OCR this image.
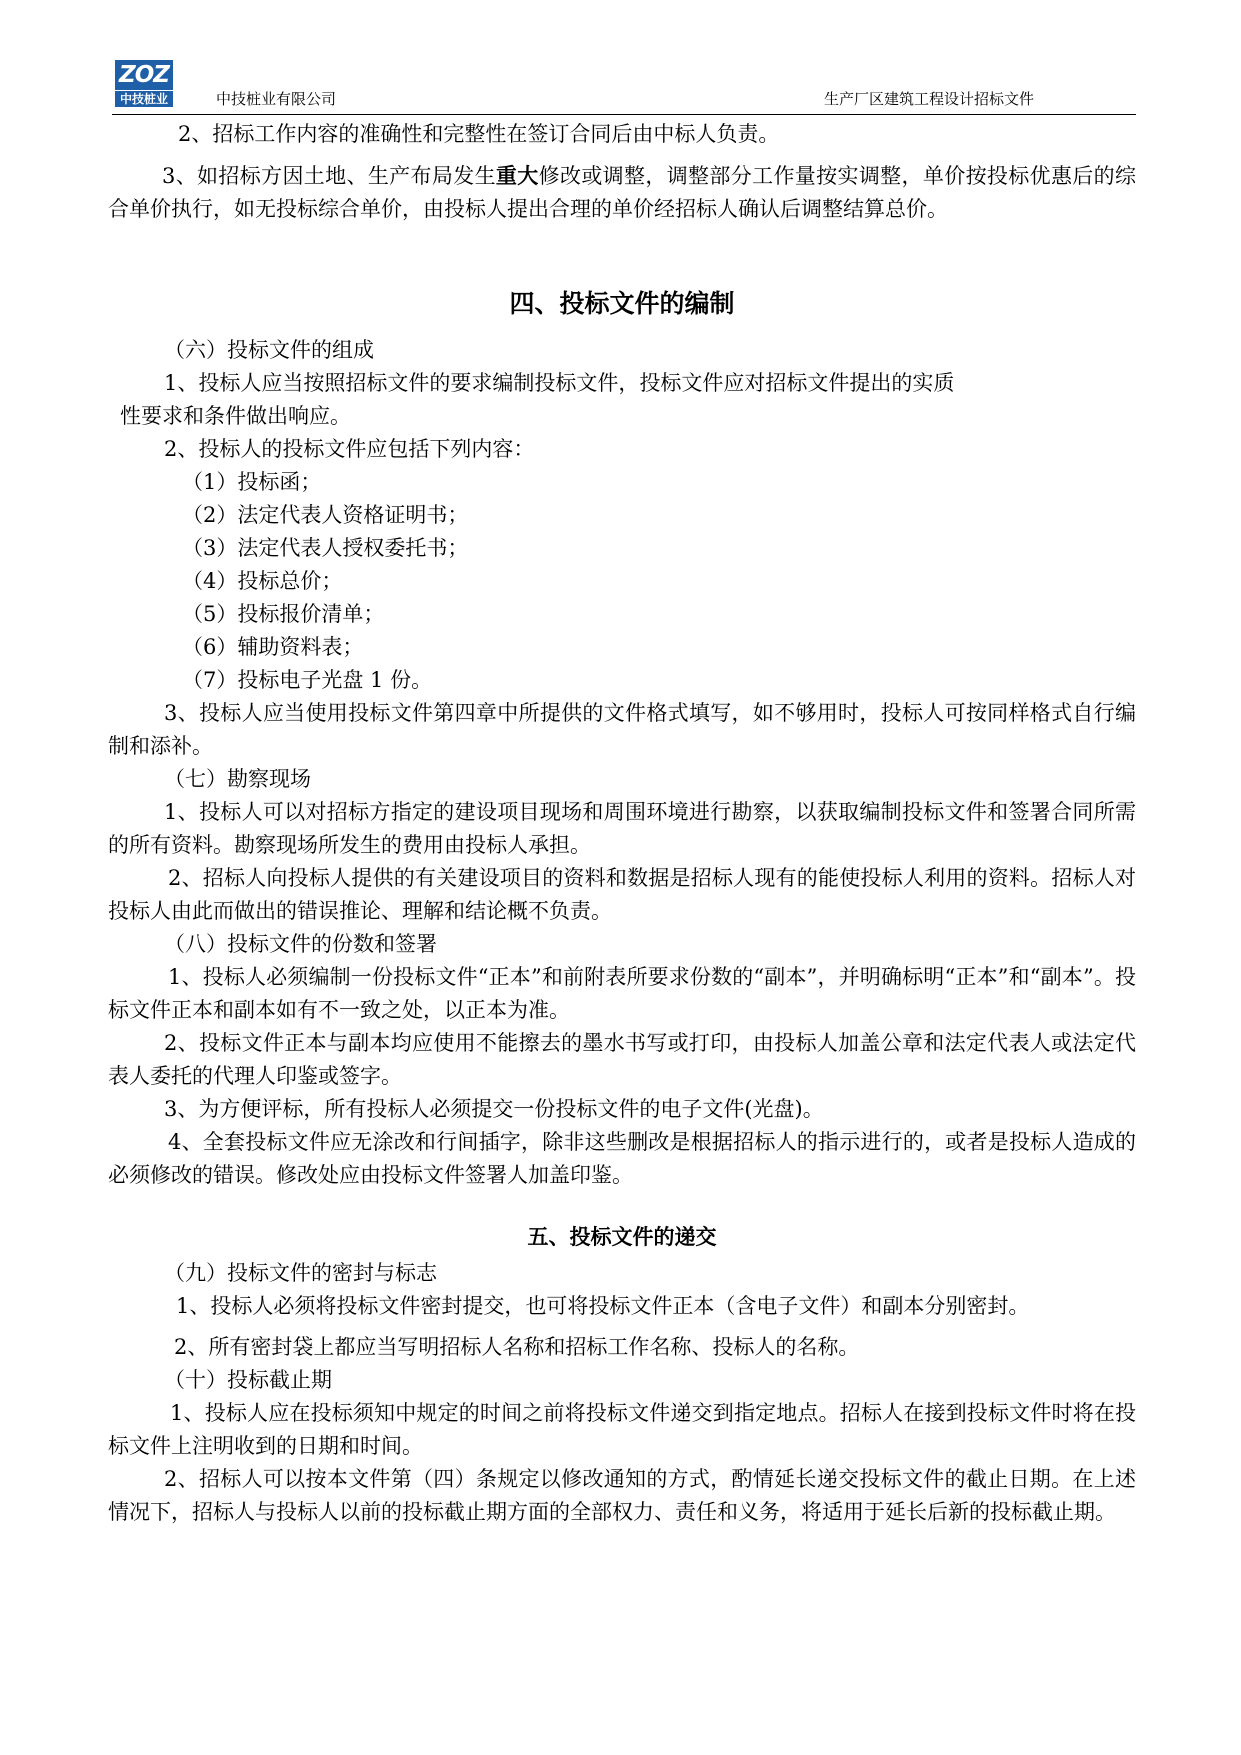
ZOZ
中技桩业	中技桩业有限公司	生产厂区建筑工程设计招标文件

2、招标工作内容的准确性和完整性在签订合同后由中标人负责。

3、如招标方因土地、生产布局发生重大修改或调整，调整部分工作量按实调整，单价按投标优惠后的综合单价执行，如无投标综合单价，由投标人提出合理的单价经招标人确认后调整结算总价。

四、投标文件的编制

（六）投标文件的组成

1、投标人应当按照招标文件的要求编制投标文件，投标文件应对招标文件提出的实质

性要求和条件做出响应。

2、投标人的投标文件应包括下列内容：

（1）投标函；

（2）法定代表人资格证明书；

（3）法定代表人授权委托书；

（4）投标总价；

（5）投标报价清单；

（6）辅助资料表；

（7）投标电子光盘 1 份。

3、投标人应当使用投标文件第四章中所提供的文件格式填写，如不够用时，投标人可按同样格式自行编制和添补。

（七）勘察现场

1、投标人可以对招标方指定的建设项目现场和周围环境进行勘察，以获取编制投标文件和签署合同所需的所有资料。勘察现场所发生的费用由投标人承担。

2、招标人向投标人提供的有关建设项目的资料和数据是招标人现有的能使投标人利用的资料。招标人对投标人由此而做出的错误推论、理解和结论概不负责。

（八）投标文件的份数和签署

1、投标人必须编制一份投标文件“正本”和前附表所要求份数的“副本”，并明确标明“正本”和“副本”。投标文件正本和副本如有不一致之处，以正本为准。

2、投标文件正本与副本均应使用不能擦去的墨水书写或打印，由投标人加盖公章和法定代表人或法定代表人委托的代理人印鉴或签字。

3、为方便评标，所有投标人必须提交一份投标文件的电子文件(光盘)。

4、全套投标文件应无涂改和行间插字，除非这些删改是根据招标人的指示进行的，或者是投标人造成的必须修改的错误。修改处应由投标文件签署人加盖印鉴。

五、投标文件的递交

（九）投标文件的密封与标志

1、投标人必须将投标文件密封提交，也可将投标文件正本（含电子文件）和副本分别密封。

2、所有密封袋上都应当写明招标人名称和招标工作名称、投标人的名称。

（十）投标截止期

1、投标人应在投标须知中规定的时间之前将投标文件递交到指定地点。招标人在接到投标文件时将在投标文件上注明收到的日期和时间。

2、招标人可以按本文件第（四）条规定以修改通知的方式，酌情延长递交投标文件的截止日期。在上述情况下，招标人与投标人以前的投标截止期方面的全部权力、责任和义务，将适用于延长后新的投标截止期。
